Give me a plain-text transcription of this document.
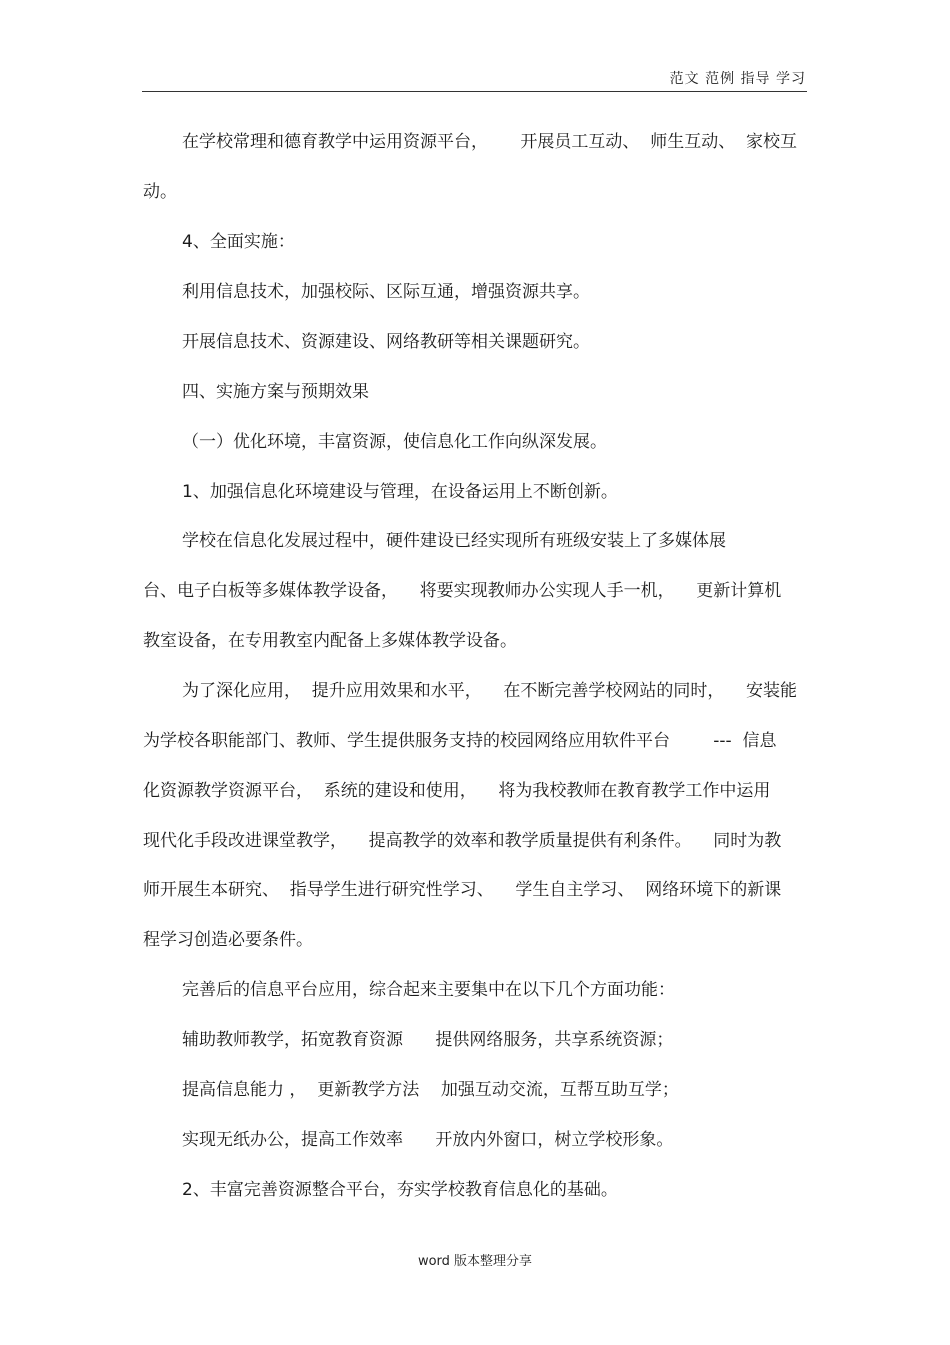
范文 范例 指导 学习
在学校常理和德育教学中运用资源平台，      开展员工互动、  师生互动、  家校互
动。
4、全面实施：
利用信息技术，加强校际、区际互通，增强资源共享。
开展信息技术、资源建设、网络教研等相关课题研究。
四、实施方案与预期效果
（一）优化环境，丰富资源，使信息化工作向纵深发展。
1、加强信息化环境建设与管理，在设备运用上不断创新。
学校在信息化发展过程中，硬件建设已经实现所有班级安装上了多媒体展
台、电子白板等多媒体教学设备，    将要实现教师办公实现人手一机，    更新计算机
教室设备，在专用教室内配备上多媒体教学设备。
为了深化应用，  提升应用效果和水平，    在不断完善学校网站的同时，    安装能
为学校各职能部门、教师、学生提供服务支持的校园网络应用软件平台        ---  信息
化资源教学资源平台，  系统的建设和使用，    将为我校教师在教育教学工作中运用
现代化手段改进课堂教学，    提高教学的效率和教学质量提供有利条件。    同时为教
师开展生本研究、  指导学生进行研究性学习、    学生自主学习、  网络环境下的新课
程学习创造必要条件。
完善后的信息平台应用，综合起来主要集中在以下几个方面功能：
辅助教师教学，拓宽教育资源      提供网络服务，共享系统资源；
提高信息能力 ，  更新教学方法    加强互动交流，互帮互助互学；
实现无纸办公，提高工作效率      开放内外窗口，树立学校形象。
2、丰富完善资源整合平台，夯实学校教育信息化的基础。
word 版本整理分享
